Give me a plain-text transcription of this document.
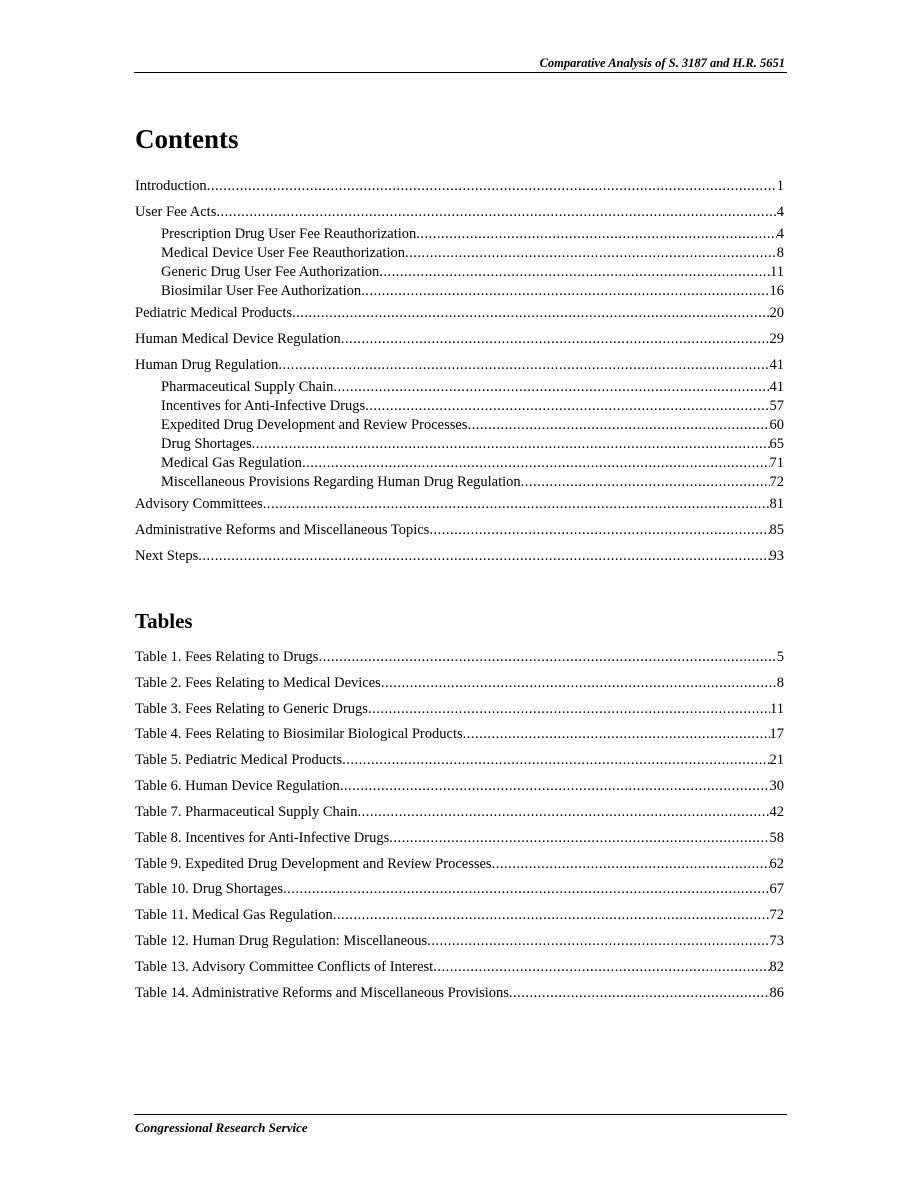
Comparative Analysis of S. 3187 and H.R. 5651
Contents
Introduction .....	1
User Fee Acts .....	4
Prescription Drug User Fee Reauthorization .....	4
Medical Device User Fee Reauthorization .....	8
Generic Drug User Fee Authorization .....	11
Biosimilar User Fee Authorization .....	16
Pediatric Medical Products .....	20
Human Medical Device Regulation .....	29
Human Drug Regulation .....	41
Pharmaceutical Supply Chain .....	41
Incentives for Anti-Infective Drugs .....	57
Expedited Drug Development and Review Processes .....	60
Drug Shortages .....	65
Medical Gas Regulation .....	71
Miscellaneous Provisions Regarding Human Drug Regulation .....	72
Advisory Committees .....	81
Administrative Reforms and Miscellaneous Topics .....	85
Next Steps .....	93
Tables
Table 1. Fees Relating to Drugs .....	5
Table 2. Fees Relating to Medical Devices .....	8
Table 3. Fees Relating to Generic Drugs .....	11
Table 4. Fees Relating to Biosimilar Biological Products .....	17
Table 5. Pediatric Medical Products .....	21
Table 6. Human Device Regulation .....	30
Table 7. Pharmaceutical Supply Chain .....	42
Table 8. Incentives for Anti-Infective Drugs .....	58
Table 9. Expedited Drug Development and Review Processes .....	62
Table 10. Drug Shortages .....	67
Table 11. Medical Gas Regulation .....	72
Table 12. Human Drug Regulation: Miscellaneous .....	73
Table 13. Advisory Committee Conflicts of Interest .....	82
Table 14. Administrative Reforms and Miscellaneous Provisions .....	86
Congressional Research Service
